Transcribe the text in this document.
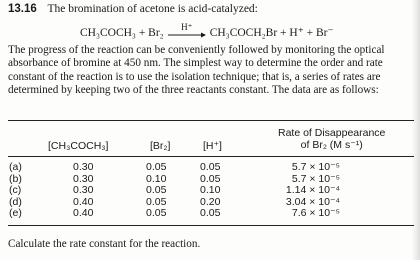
13.16 The bromination of acetone is acid-catalyzed:
CH₃COCH₃ + Br₂ H⁺ CH₃COCH₂Br + H⁺ + Br⁻
The progress of the reaction can be conveniently followed by monitoring the optical
absorbance of bromine at 450 nm. The simplest way to determine the order and rate
constant of the reaction is to use the isolation technique; that is, a series of rates are
determined by keeping two of the three reactants constant. The data are as follows:
[CH₃COCH₃]	[Br₂]	[H⁺]
Rate of Disappearance
of Br₂ (M s⁻¹)
(a)
(b)
(c)
(d)
(e)
0.30
0.30
0.30
0.40
0.40
0.05
0.10
0.05
0.05
0.05
0.05
0.05
0.10
0.20
0.05
5.7 × 10⁻⁵
5.7 × 10⁻⁵
1.14 × 10⁻⁴
3.04 × 10⁻⁴
7.6 × 10⁻⁵
Calculate the rate constant for the reaction.
